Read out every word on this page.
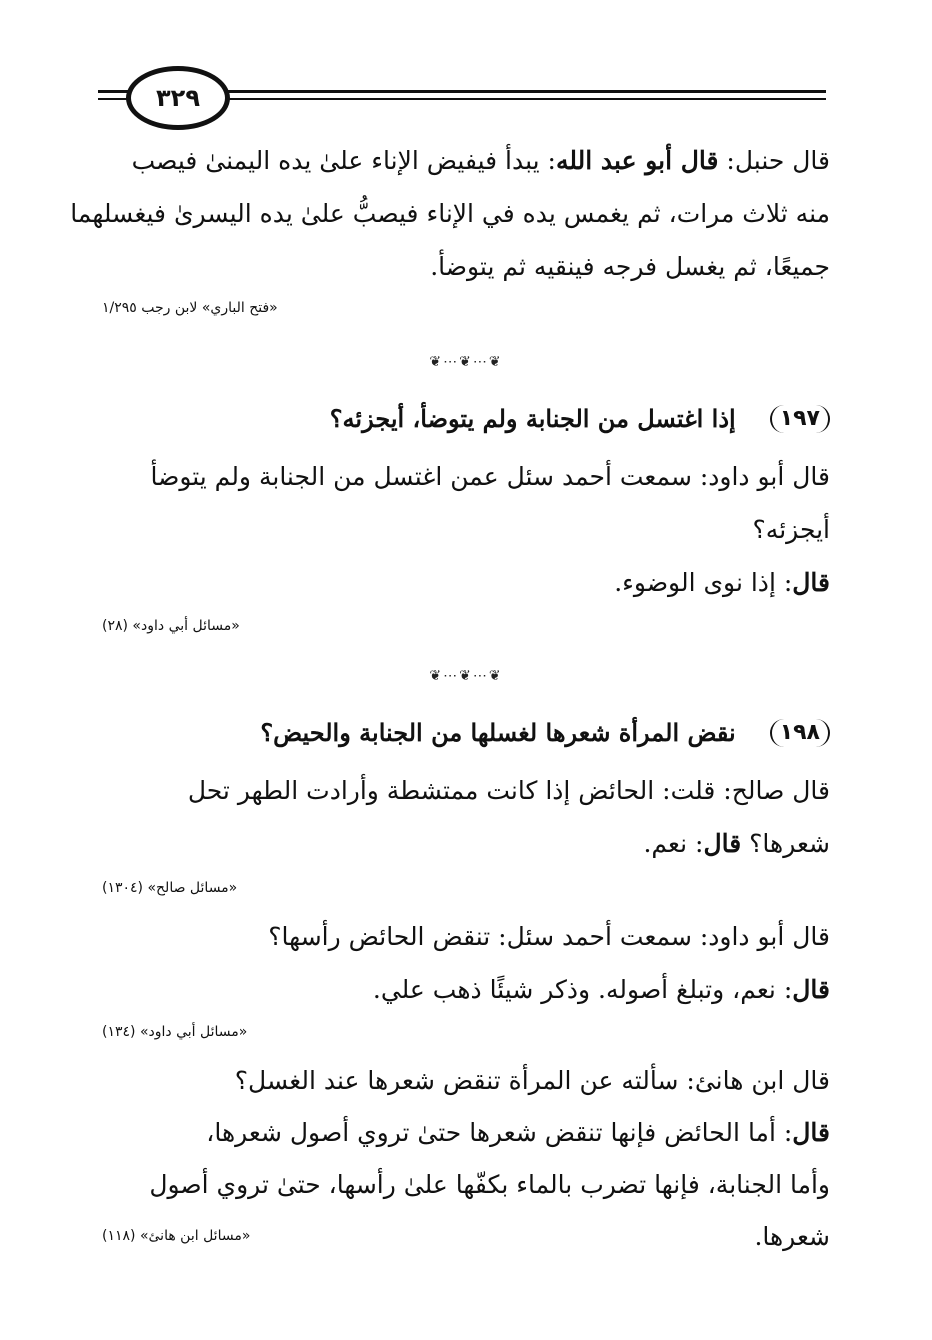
٣٢٩
قال حنبل: قال أبو عبد الله: يبدأ فيفيض الإناء علىٰ يده اليمنىٰ فيصب
منه ثلاث مرات، ثم يغمس يده في الإناء فيصبُّ علىٰ يده اليسرىٰ فيغسلهما
جميعًا، ثم يغسل فرجه فينقيه ثم يتوضأ.
«فتح الباري» لابن رجب ١/٢٩٥
❦⋯❦⋯❦
١٩٧
إذا اغتسل من الجنابة ولم يتوضأ، أيجزئه؟
قال أبو داود: سمعت أحمد سئل عمن اغتسل من الجنابة ولم يتوضأ
أيجزئه؟
قال: إذا نوى الوضوء.
«مسائل أبي داود» (٢٨)
❦⋯❦⋯❦
١٩٨
نقض المرأة شعرها لغسلها من الجنابة والحيض؟
قال صالح: قلت: الحائض إذا كانت ممتشطة وأرادت الطهر تحل
شعرها؟ قال: نعم.
«مسائل صالح» (١٣٠٤)
قال أبو داود: سمعت أحمد سئل: تنقض الحائض رأسها؟
قال: نعم، وتبلغ أصوله. وذكر شيئًا ذهب علي.
«مسائل أبي داود» (١٣٤)
قال ابن هانئ: سألته عن المرأة تنقض شعرها عند الغسل؟
قال: أما الحائض فإنها تنقض شعرها حتىٰ تروي أصول شعرها،
وأما الجنابة، فإنها تضرب بالماء بكفّها علىٰ رأسها، حتىٰ تروي أصول
شعرها.
«مسائل ابن هانئ» (١١٨)
